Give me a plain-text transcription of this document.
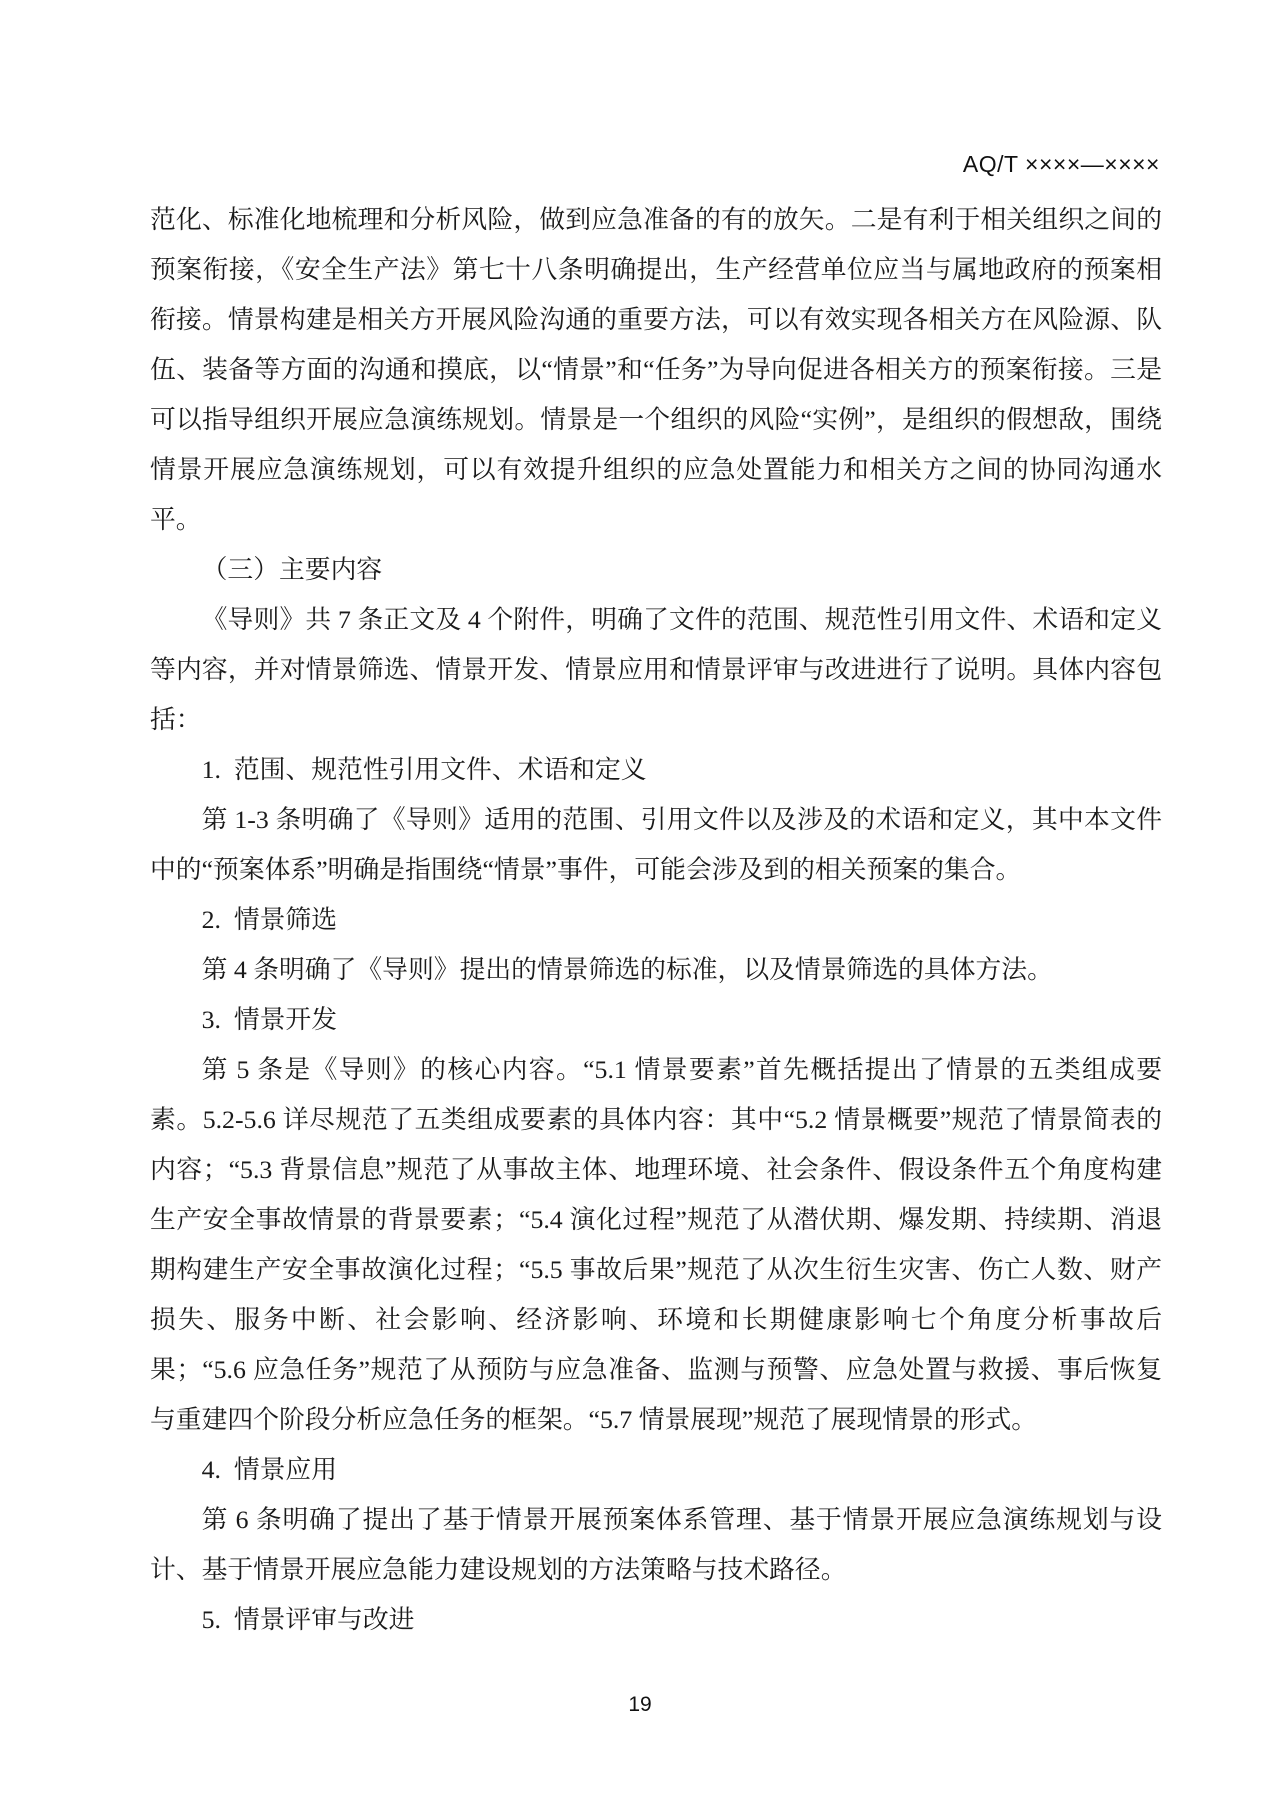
AQ/T ××××—××××

范化、标准化地梳理和分析风险，做到应急准备的有的放矢。二是有利于相关组织之间的预案衔接，《安全生产法》第七十八条明确提出，生产经营单位应当与属地政府的预案相衔接。情景构建是相关方开展风险沟通的重要方法，可以有效实现各相关方在风险源、队伍、装备等方面的沟通和摸底，以“情景”和“任务”为导向促进各相关方的预案衔接。三是可以指导组织开展应急演练规划。情景是一个组织的风险“实例”，是组织的假想敌，围绕情景开展应急演练规划，可以有效提升组织的应急处置能力和相关方之间的协同沟通水平。

（三）主要内容

《导则》共 7 条正文及 4 个附件，明确了文件的范围、规范性引用文件、术语和定义等内容，并对情景筛选、情景开发、情景应用和情景评审与改进进行了说明。具体内容包括：

1. 范围、规范性引用文件、术语和定义

第 1-3 条明确了《导则》适用的范围、引用文件以及涉及的术语和定义，其中本文件中的“预案体系”明确是指围绕“情景”事件，可能会涉及到的相关预案的集合。

2. 情景筛选

第 4 条明确了《导则》提出的情景筛选的标准，以及情景筛选的具体方法。

3. 情景开发

第 5 条是《导则》的核心内容。“5.1 情景要素”首先概括提出了情景的五类组成要素。5.2-5.6 详尽规范了五类组成要素的具体内容：其中“5.2 情景概要”规范了情景简表的内容；“5.3 背景信息”规范了从事故主体、地理环境、社会条件、假设条件五个角度构建生产安全事故情景的背景要素；“5.4 演化过程”规范了从潜伏期、爆发期、持续期、消退期构建生产安全事故演化过程；“5.5 事故后果”规范了从次生衍生灾害、伤亡人数、财产损失、服务中断、社会影响、经济影响、环境和长期健康影响七个角度分析事故后果；“5.6 应急任务”规范了从预防与应急准备、监测与预警、应急处置与救援、事后恢复与重建四个阶段分析应急任务的框架。“5.7 情景展现”规范了展现情景的形式。

4. 情景应用

第 6 条明确了提出了基于情景开展预案体系管理、基于情景开展应急演练规划与设计、基于情景开展应急能力建设规划的方法策略与技术路径。

5. 情景评审与改进

19
